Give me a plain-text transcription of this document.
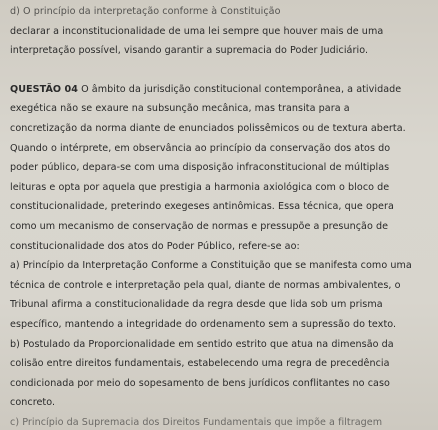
d) O princípio da interpretação conforme à Constituição
declarar a inconstitucionalidade de uma lei sempre que houver mais de uma
interpretação possível, visando garantir a supremacia do Poder Judiciário.
QUESTÃO 04 O âmbito da jurisdição constitucional contemporânea, a atividade
exegética não se exaure na subsunção mecânica, mas transita para a
concretização da norma diante de enunciados polissêmicos ou de textura aberta.
Quando o intérprete, em observância ao princípio da conservação dos atos do
poder público, depara-se com uma disposição infraconstitucional de múltiplas
leituras e opta por aquela que prestigia a harmonia axiológica com o bloco de
constitucionalidade, preterindo exegeses antinômicas. Essa técnica, que opera
como um mecanismo de conservação de normas e pressupõe a presunção de
constitucionalidade dos atos do Poder Público, refere-se ao:
a) Princípio da Interpretação Conforme a Constituição que se manifesta como uma
técnica de controle e interpretação pela qual, diante de normas ambivalentes, o
Tribunal afirma a constitucionalidade da regra desde que lida sob um prisma
específico, mantendo a integridade do ordenamento sem a supressão do texto.
b) Postulado da Proporcionalidade em sentido estrito que atua na dimensão da
colisão entre direitos fundamentais, estabelecendo uma regra de precedência
condicionada por meio do sopesamento de bens jurídicos conflitantes no caso
concreto.
c) Princípio da Supremacia dos Direitos Fundamentais que impõe a filtragem
